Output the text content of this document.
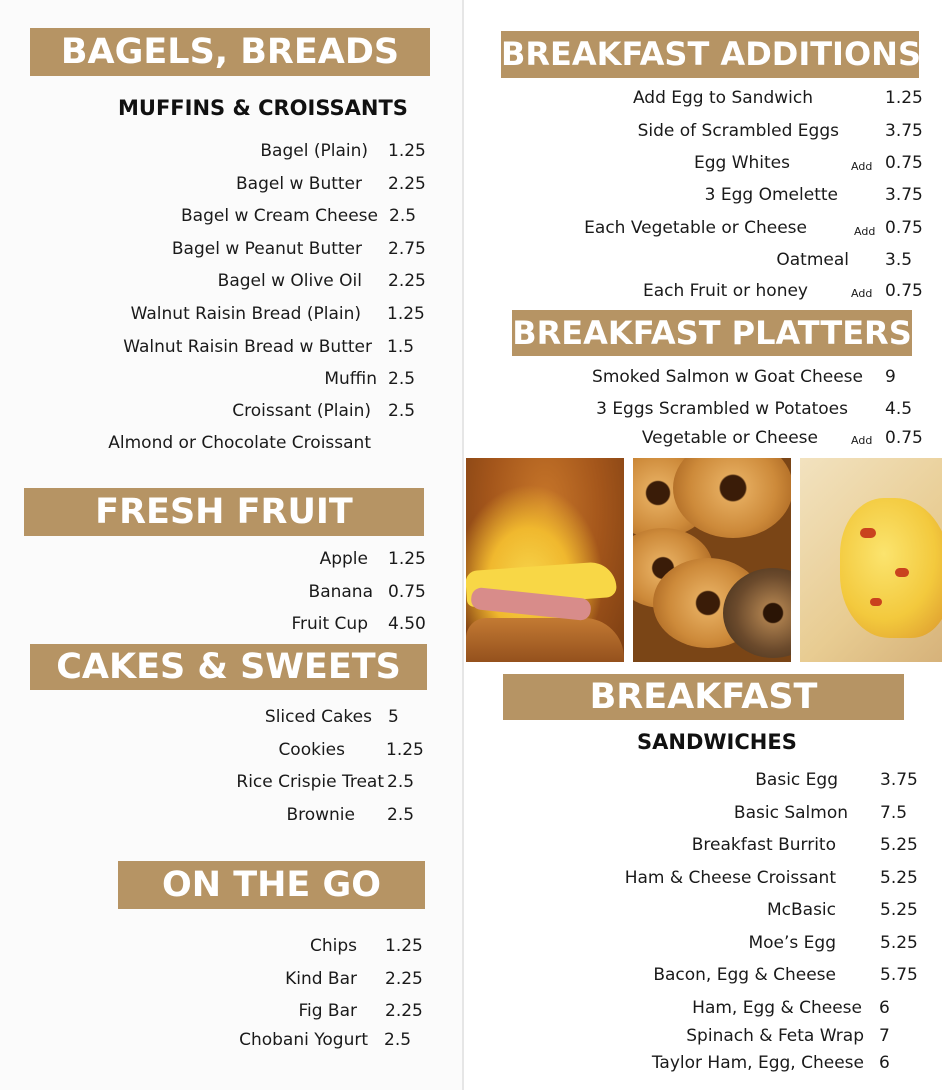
BAGELS, BREADS
MUFFINS & CROISSANTS
Bagel (Plain) 1.25
Bagel w Butter 2.25
Bagel w Cream Cheese 2.5
Bagel w Peanut Butter 2.75
Bagel w Olive Oil 2.25
Walnut Raisin Bread (Plain) 1.25
Walnut Raisin Bread w Butter 1.5
Muffin 2.5
Croissant (Plain) 2.5
Almond or Chocolate Croissant
FRESH FRUIT
Apple 1.25
Banana 0.75
Fruit Cup 4.50
CAKES & SWEETS
Sliced Cakes 5
Cookies 1.25
Rice Crispie Treat 2.5
Brownie 2.5
ON THE GO
Chips 1.25
Kind Bar 2.25
Fig Bar 2.25
Chobani Yogurt 2.5
BREAKFAST ADDITIONS
Add Egg to Sandwich	1.25
Side of Scrambled Eggs	3.75
Egg Whites	Add 0.75
3 Egg Omelette	3.75
Each Vegetable or Cheese	Add 0.75
Oatmeal 3.5
Each Fruit or honey	Add 0.75
BREAKFAST PLATTERS
Smoked Salmon w Goat Cheese 9
3 Eggs Scrambled w Potatoes 4.5
Vegetable or Cheese	Add 0.75
BREAKFAST
SANDWICHES
Basic Egg 3.75
Basic Salmon 7.5
Breakfast Burrito	5.25
Ham & Cheese Croissant	5.25
McBasic	5.25
Moe’s Egg	5.25
Bacon, Egg & Cheese	5.75
Ham, Egg & Cheese 6
Spinach & Feta Wrap 7
Taylor Ham, Egg, Cheese 6
